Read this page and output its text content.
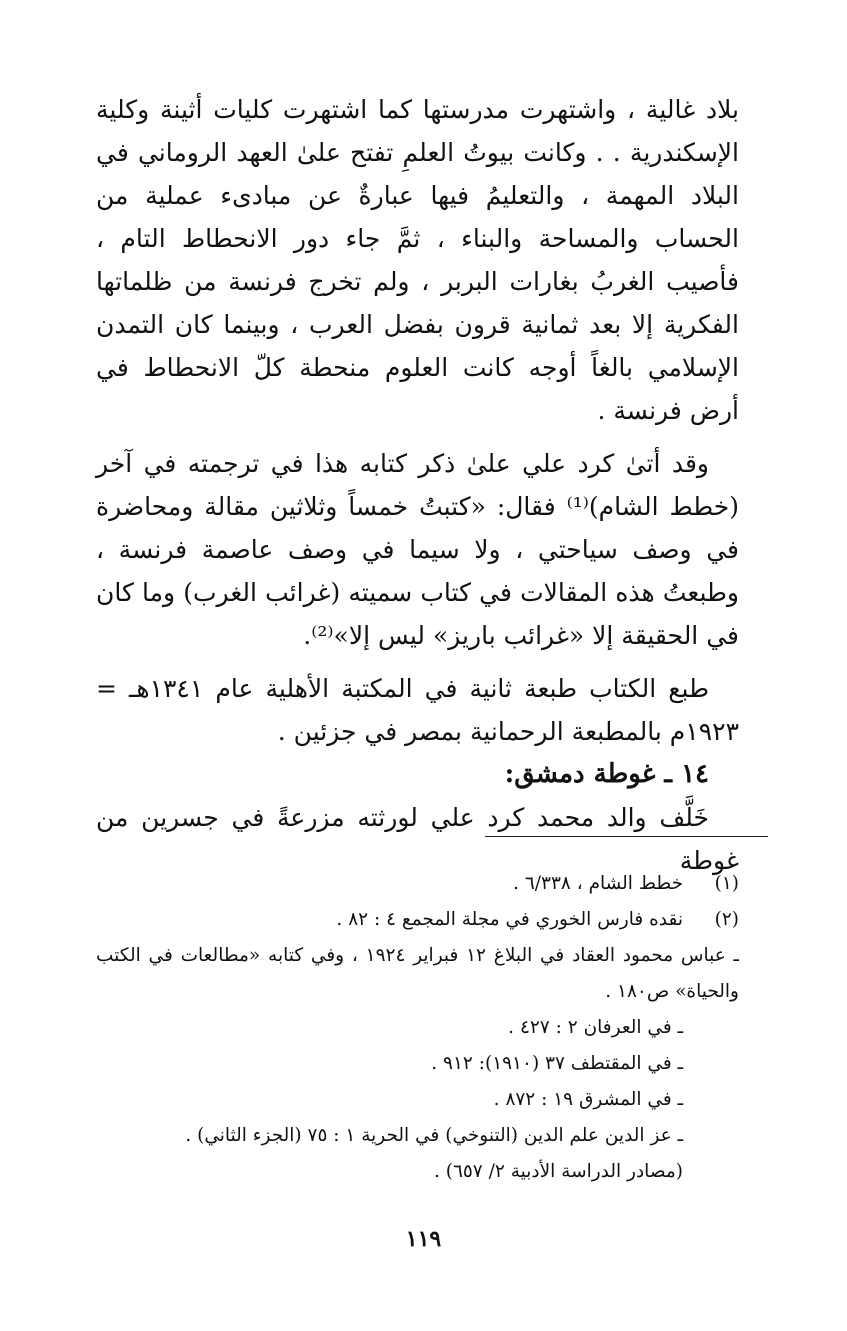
بلاد غالية ، واشتهرت مدرستها كما اشتهرت كليات أثينة وكلية الإسكندرية . . وكانت بيوتُ العلمِ تفتح علىٰ العهد الروماني في البلاد المهمة ، والتعليمُ فيها عبارةٌ عن مبادىء عملية من الحساب والمساحة والبناء ، ثمَّ جاء دور الانحطاط التام ، فأصيب الغربُ بغارات البربر ، ولم تخرج فرنسة من ظلماتها الفكرية إلا بعد ثمانية قرون بفضل العرب ، وبينما كان التمدن الإسلامي بالغاً أوجه كانت العلوم منحطة كلّ الانحطاط في أرض فرنسة .

وقد أتىٰ كرد علي علىٰ ذكر كتابه هذا في ترجمته في آخر (خطط الشام)⁽¹⁾ فقال: «كتبتُ خمساً وثلاثين مقالة ومحاضرة في وصف سياحتي ، ولا سيما في وصف عاصمة فرنسة ، وطبعتُ هذه المقالات في كتاب سميته (غرائب الغرب) وما كان في الحقيقة إلا «غرائب باريز» ليس إلا»⁽²⁾.

طبع الكتاب طبعة ثانية في المكتبة الأهلية عام ١٣٤١هـ = ١٩٢٣م بالمطبعة الرحمانية بمصر في جزئين .

١٤ ـ غوطة دمشق:

خَلَّف والد محمد كرد علي لورثته مزرعةً في جسرين من غوطة

(١)
خطط الشام ، ٦/٣٣٨ .
(٢)
نقده فارس الخوري في مجلة المجمع ٤ : ٨٢ .

ـ عباس محمود العقاد في البلاغ ١٢ فبراير ١٩٢٤ ، وفي كتابه «مطالعات في الكتب والحياة» ص١٨٠ .

ـ في العرفان ٢ : ٤٢٧ .

ـ في المقتطف ٣٧ (١٩١٠): ٩١٢ .

ـ في المشرق ١٩ : ٨٧٢ .

ـ عز الدين علم الدين (التنوخي) في الحرية ١ : ٧٥ (الجزء الثاني) .

(مصادر الدراسة الأدبية ٢/ ٦٥٧) .

١١٩
